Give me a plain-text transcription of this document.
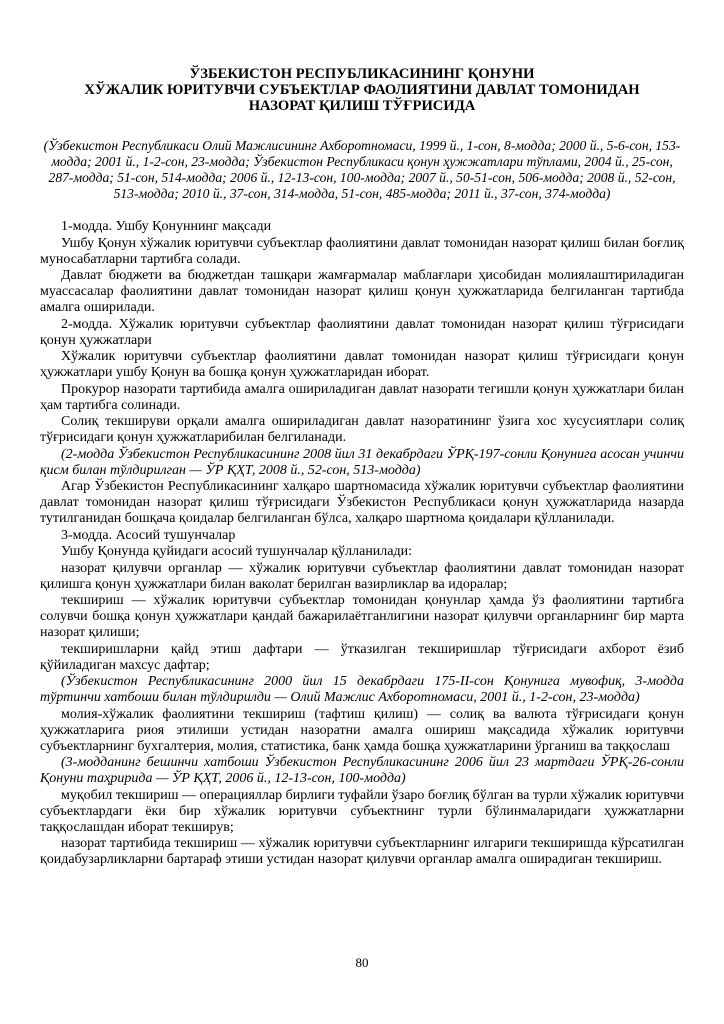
ЎЗБЕКИСТОН РЕСПУБЛИКАСИНИНГ ҚОНУНИ
ХЎЖАЛИК ЮРИТУВЧИ СУБЪЕКТЛАР ФАОЛИЯТИНИ ДАВЛАТ ТОМОНИДАН
НАЗОРАТ ҚИЛИШ ТЎҒРИСИДА
(Ўзбекистон Республикаси Олий Мажлисининг Ахборотномаси, 1999 й., 1-сон, 8-модда; 2000 й., 5-6-сон, 153-модда; 2001 й., 1-2-сон, 23-модда; Ўзбекистон Республикаси қонун ҳужжатлари тўплами, 2004 й., 25-сон, 287-модда; 51-сон, 514-модда; 2006 й., 12-13-сон, 100-модда; 2007 й., 50-51-сон, 506-модда; 2008 й., 52-сон, 513-модда; 2010 й., 37-сон, 314-модда, 51-сон, 485-модда; 2011 й., 37-сон, 374-модда)

1-модда. Ушбу Қонуннинг мақсади

Ушбу Қонун хўжалик юритувчи субъектлар фаолиятини давлат томонидан назорат қилиш билан боғлиқ муносабатларни тартибга солади.

Давлат бюджети ва бюджетдан ташқари жамғармалар маблағлари ҳисобидан молиялаштириладиган муассасалар фаолиятини давлат томонидан назорат қилиш қонун ҳужжатларида белгиланган тартибда амалга оширилади.

2-модда. Хўжалик юритувчи субъектлар фаолиятини давлат томонидан назорат қилиш тўғрисидаги қонун ҳужжатлари

Хўжалик юритувчи субъектлар фаолиятини давлат томонидан назорат қилиш тўғрисидаги қонун ҳужжатлари ушбу Қонун ва бошқа қонун ҳужжатларидан иборат.

Прокурор назорати тартибида амалга ошириладиган давлат назорати тегишли қонун ҳужжатлари билан ҳам тартибга солинади.

Солиқ текшируви орқали амалга ошириладиган давлат назоратининг ўзига хос хусусиятлари солиқ тўғрисидаги қонун ҳужжатларибилан белгиланади.

(2-модда Ўзбекистон Республикасининг 2008 йил 31 декабрдаги ЎРҚ-197-сонли Қонунига асосан учинчи қисм билан тўлдирилган — ЎР ҚҲТ, 2008 й., 52-сон, 513-модда)

Агар Ўзбекистон Республикасининг халқаро шартномасида хўжалик юритувчи субъектлар фаолиятини давлат томонидан назорат қилиш тўғрисидаги Ўзбекистон Республикаси қонун ҳужжатларида назарда тутилганидан бошқача қоидалар белгиланган бўлса, халқаро шартнома қоидалари қўлланилади.

3-модда. Асосий тушунчалар

Ушбу Қонунда қуйидаги асосий тушунчалар қўлланилади:

назорат қилувчи органлар — хўжалик юритувчи субъектлар фаолиятини давлат томонидан назорат қилишга қонун ҳужжатлари билан ваколат берилган вазирликлар ва идоралар;

текшириш — хўжалик юритувчи субъектлар томонидан қонунлар ҳамда ўз фаолиятини тартибга солувчи бошқа қонун ҳужжатлари қандай бажарилаётганлигини назорат қилувчи органларнинг бир марта назорат қилиши;

текширишларни қайд этиш дафтари — ўтказилган текширишлар тўғрисидаги ахборот ёзиб қўйиладиган махсус дафтар;

(Ўзбекистон Республикасининг 2000 йил 15 декабрдаги 175-II-сон Қонунига мувофиқ, 3-модда тўртинчи хатбоши билан тўлдирилди — Олий Мажлис Ахборотномаси, 2001 й., 1-2-сон, 23-модда)

молия-хўжалик фаолиятини текшириш (тафтиш қилиш) — солиқ ва валюта тўғрисидаги қонун ҳужжатларига риоя этилиши устидан назоратни амалга ошириш мақсадида хўжалик юритувчи субъектларнинг бухгалтерия, молия, статистика, банк ҳамда бошқа ҳужжатларини ўрганиш ва таққослаш

(3-модданинг бешинчи хатбоши Ўзбекистон Республикасининг 2006 йил 23 мартдаги ЎРҚ-26-сонли Қонуни таҳририда — ЎР ҚҲТ, 2006 й., 12-13-сон, 100-модда)

муқобил текшириш — операцияллар бирлиги туфайли ўзаро боғлиқ бўлган ва турли хўжалик юритувчи субъектлардаги ёки бир хўжалик юритувчи субъектнинг турли бўлинмаларидаги ҳужжатларни таққослашдан иборат текширув;

назорат тартибида текшириш — хўжалик юритувчи субъектларнинг илгариги текширишда кўрсатилган қоидабузарликларни бартараф этиши устидан назорат қилувчи органлар амалга оширадиган текшириш.

80
